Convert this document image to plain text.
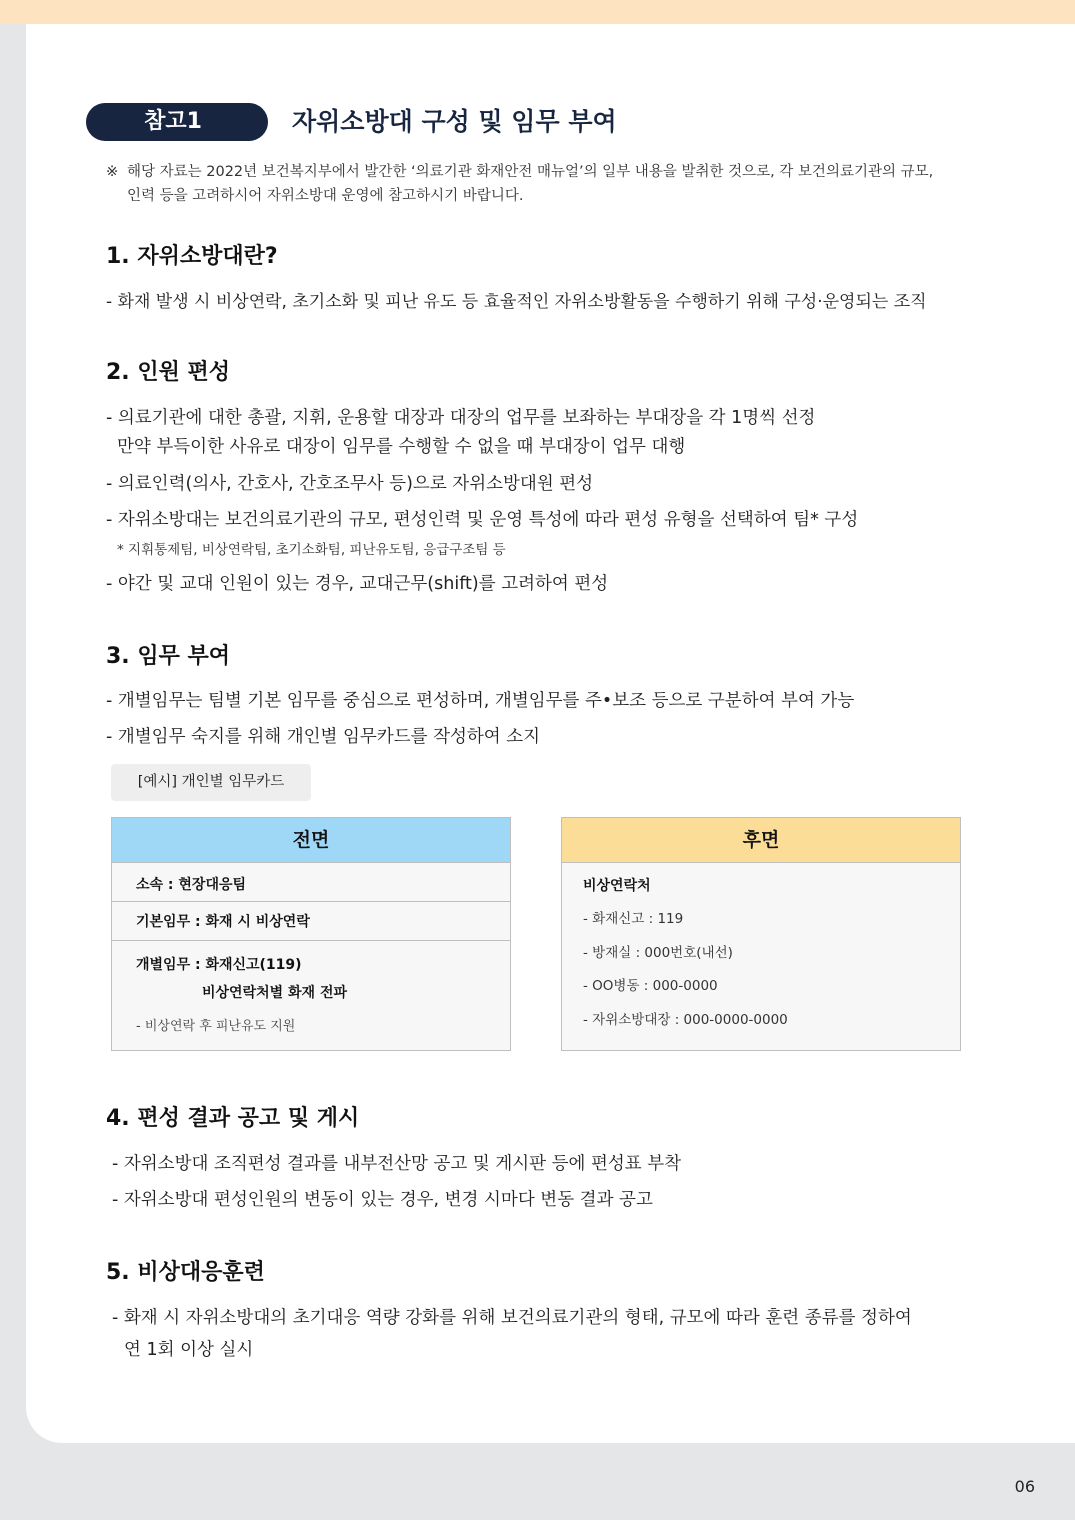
참고1	자위소방대 구성 및 임무 부여

※ 해당 자료는 2022년 보건복지부에서 발간한 ‘의료기관 화재안전 매뉴얼’의 일부 내용을 발취한 것으로, 각 보건의료기관의 규모,
인력 등을 고려하시어 자위소방대 운영에 참고하시기 바랍니다.

1. 자위소방대란?

- 화재 발생 시 비상연락, 초기소화 및 피난 유도 등 효율적인 자위소방활동을 수행하기 위해 구성·운영되는 조직

2. 인원 편성

- 의료기관에 대한 총괄, 지휘, 운용할 대장과 대장의 업무를 보좌하는 부대장을 각 1명씩 선정

만약 부득이한 사유로 대장이 임무를 수행할 수 없을 때 부대장이 업무 대행

- 의료인력(의사, 간호사, 간호조무사 등)으로 자위소방대원 편성

- 자위소방대는 보건의료기관의 규모, 편성인력 및 운영 특성에 따라 편성 유형을 선택하여 팀* 구성

* 지휘통제팀, 비상연락팀, 초기소화팀, 피난유도팀, 응급구조팀 등

- 야간 및 교대 인원이 있는 경우, 교대근무(shift)를 고려하여 편성

3. 임무 부여

- 개별임무는 팀별 기본 임무를 중심으로 편성하며, 개별임무를 주•보조 등으로 구분하여 부여 가능

- 개별임무 숙지를 위해 개인별 임무카드를 작성하여 소지

[예시] 개인별 임무카드
전면
소속 : 현장대응팀
기본임무 : 화재 시 비상연락
개별임무 : 화재신고(119)
비상연락처별 화재 전파
- 비상연락 후 피난유도 지원
후면
비상연락처
- 화재신고 : 119
- 방재실 : 000번호(내선)
- OO병동 : 000-0000
- 자위소방대장 : 000-0000-0000
4. 편성 결과 공고 및 게시

- 자위소방대 조직편성 결과를 내부전산망 공고 및 게시판 등에 편성표 부착

- 자위소방대 편성인원의 변동이 있는 경우, 변경 시마다 변동 결과 공고

5. 비상대응훈련

- 화재 시 자위소방대의 초기대응 역량 강화를 위해 보건의료기관의 형태, 규모에 따라 훈련 종류를 정하여

연 1회 이상 실시

06
